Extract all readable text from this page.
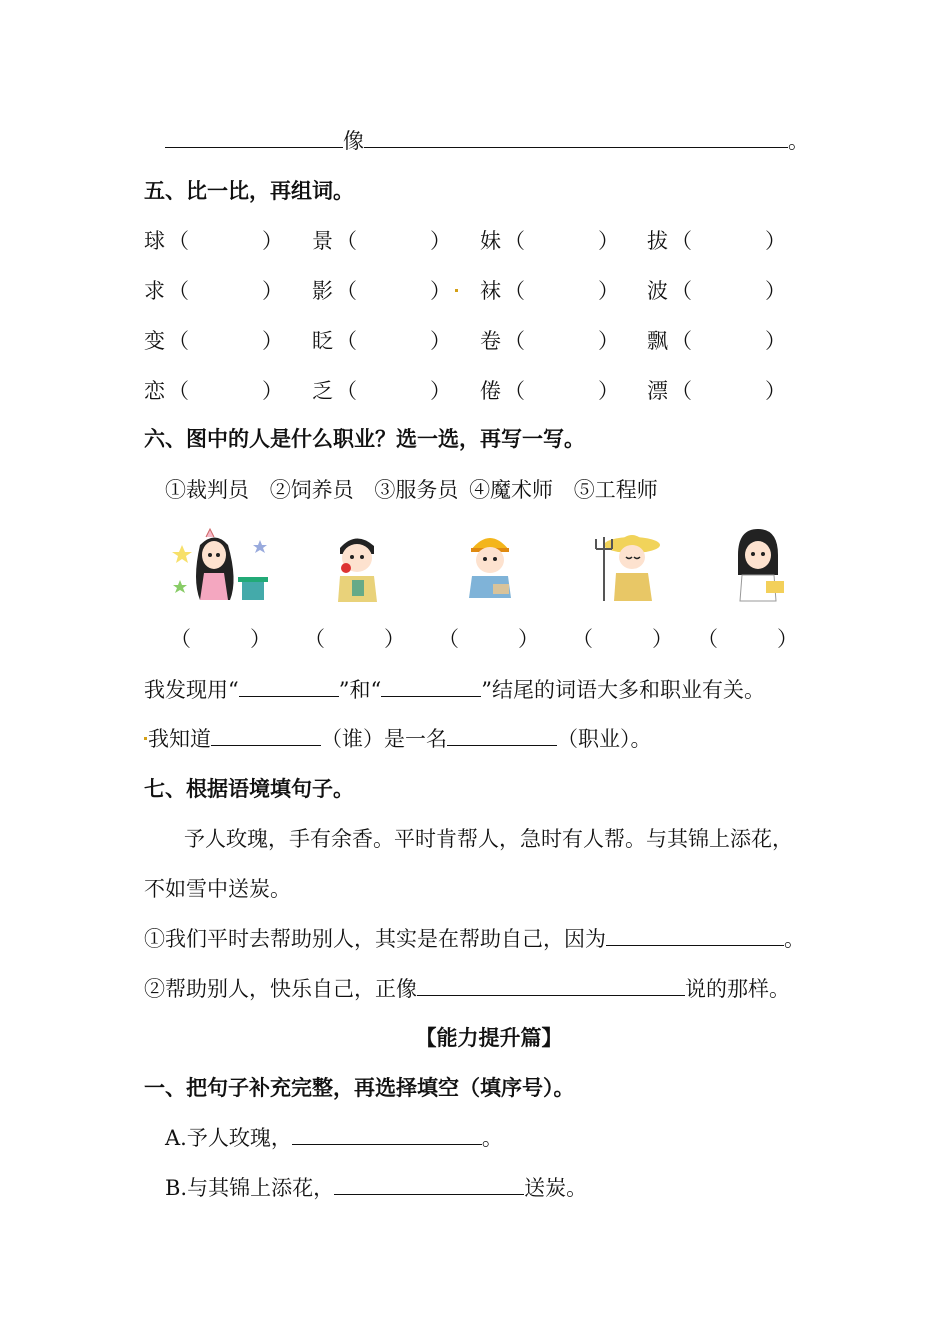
像	。
五、比一比，再组词。
球 （	） 景 （	） 妹 （	） 拔 （	）
求 （	） 影 （	） 袜 （	） 波 （	）
变 （	） 眨 （	） 卷 （	） 飘 （	）
恋 （	） 乏 （	） 倦 （	） 漂 （	）
六、图中的人是什么职业？选一选，再写一写。
①裁判员 ②饲养员 ③服务员 ④魔术师 ⑤工程师
（	） （	） （	） （	） （	）
我发现用“	”和“	”结尾的词语大多和职业有关。
我知道	（谁）是一名	（职业）。
七、根据语境填句子。
予人玫瑰，手有余香。平时肯帮人，急时有人帮。与其锦上添花，
不如雪中送炭。
①我们平时去帮助别人，其实是在帮助自己，因为	。
②帮助别人，快乐自己，正像	说的那样。
【能力提升篇】
一、把句子补充完整，再选择填空（填序号）。
A.予人玫瑰，	。
B.与其锦上添花，	送炭。
